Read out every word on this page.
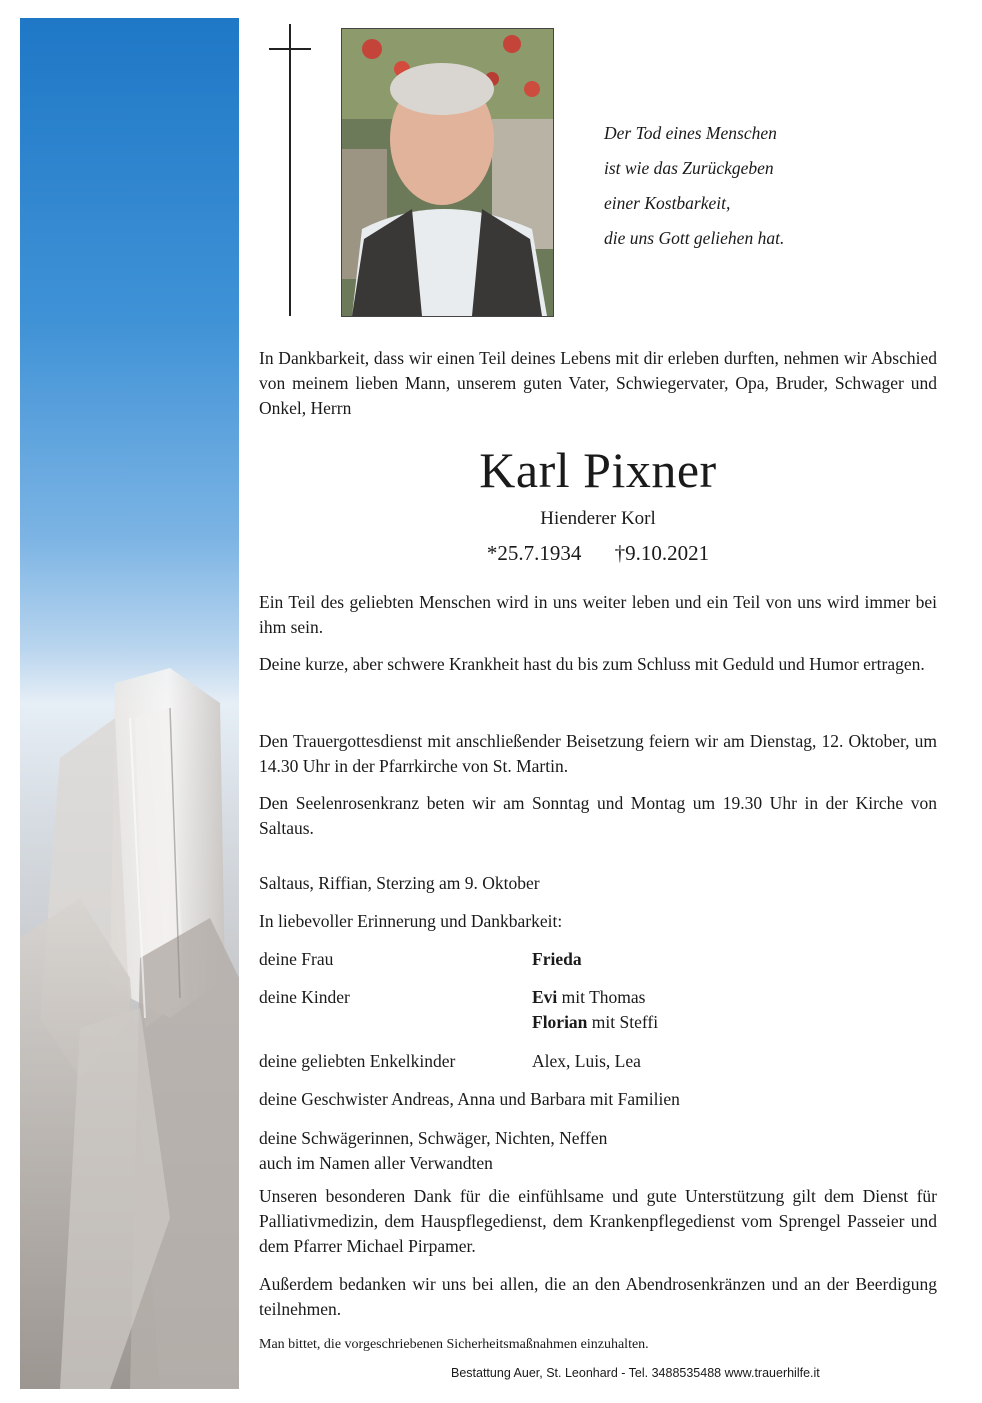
Der Tod eines Menschen
ist wie das Zurückgeben
einer Kostbarkeit,
die uns Gott geliehen hat.
In Dankbarkeit, dass wir einen Teil deines Lebens mit dir erleben durften, nehmen wir Abschied von meinem lieben Mann, unserem guten Vater, Schwiegervater, Opa, Bruder, Schwager und Onkel, Herrn
Karl Pixner
Hienderer Korl
*25.7.1934 †9.10.2021
Ein Teil des geliebten Menschen wird in uns weiter leben und ein Teil von uns wird immer bei ihm sein.
Deine kurze, aber schwere Krankheit hast du bis zum Schluss mit Geduld und Humor ertragen.
Den Trauergottesdienst mit anschließender Beisetzung feiern wir am Dienstag, 12. Oktober, um 14.30 Uhr in der Pfarrkirche von St. Martin.
Den Seelenrosenkranz beten wir am Sonntag und Montag um 19.30 Uhr in der Kirche von Saltaus.
Saltaus, Riffian, Sterzing am 9. Oktober
In liebevoller Erinnerung und Dankbarkeit:
deine Frau	Frieda
deine Kinder	Evi mit Thomas
Florian mit Steffi
deine geliebten Enkelkinder	Alex, Luis, Lea
deine Geschwister Andreas, Anna und Barbara mit Familien
deine Schwägerinnen, Schwäger, Nichten, Neffen
auch im Namen aller Verwandten
Unseren besonderen Dank für die einfühlsame und gute Unterstützung gilt dem Dienst für Palliativmedizin, dem Hauspflegedienst, dem Krankenpflegedienst vom Sprengel Passeier und dem Pfarrer Michael Pirpamer.
Außerdem bedanken wir uns bei allen, die an den Abendrosenkränzen und an der Beerdigung teilnehmen.
Man bittet, die vorgeschriebenen Sicherheitsmaßnahmen einzuhalten.
Bestattung Auer, St. Leonhard - Tel. 3488535488 www.trauerhilfe.it
